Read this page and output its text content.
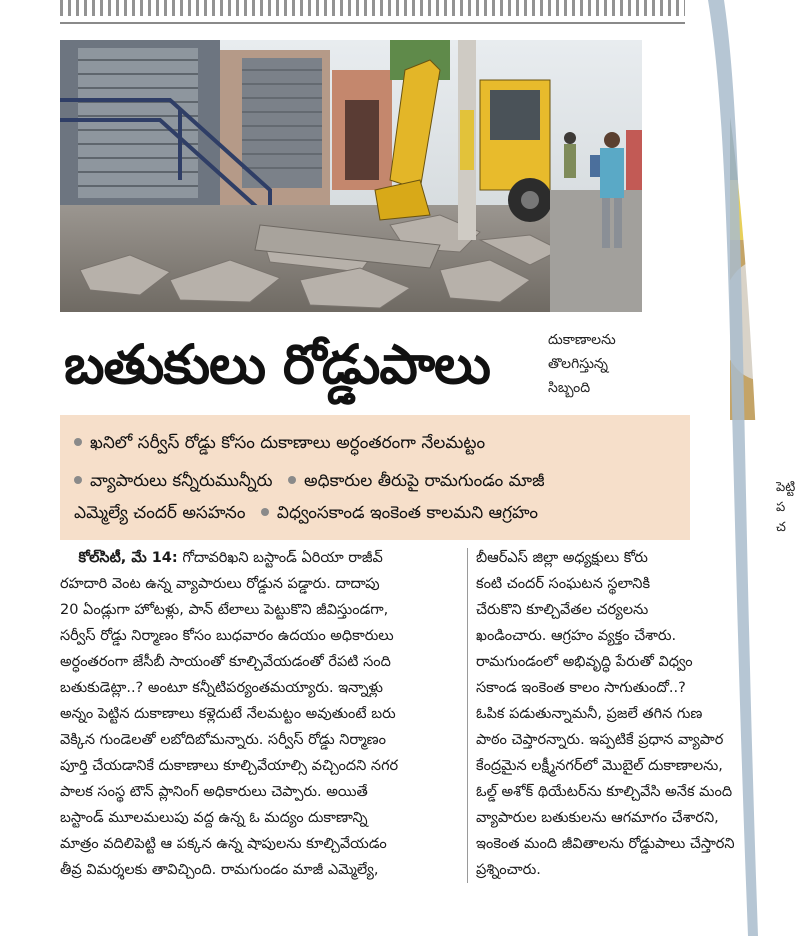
బతుకులు రోడ్డుపాలు	దుకాణాలను
తొలగిస్తున్న
సిబ్బంది
ఖనిలో సర్వీస్ రోడ్డు కోసం దుకాణాలు అర్ధంతరంగా నేలమట్టం
వ్యాపారులు కన్నీరుమున్నీరు అధికారుల తీరుపై రామగుండం మాజీ
ఎమ్మెల్యే చందర్ అసహనం విధ్వంసకాండ ఇంకెంత కాలమని ఆగ్రహం
కోల్‌సిటీ, మే 14: గోదావరిఖని బస్టాండ్ ఏరియా రాజీవ్
రహదారి వెంట ఉన్న వ్యాపారులు రోడ్డున పడ్డారు. దాదాపు
20 ఏండ్లుగా హోటళ్లు, పాన్ టేలాలు పెట్టుకొని జీవిస్తుండగా,
సర్వీస్ రోడ్డు నిర్మాణం కోసం బుధవారం ఉదయం అధికారులు
అర్ధంతరంగా జేసీబీ సాయంతో కూల్చివేయడంతో రేపటి సంది
బతుకుడెట్లా..? అంటూ కన్నీటిపర్యంతమయ్యారు. ఇన్నాళ్లు
అన్నం పెట్టిన దుకాణాలు కళ్లెదుటే నేలమట్టం అవుతుంటే బరు
వెక్కిన గుండెలతో లబోదిబోమన్నారు. సర్వీస్ రోడ్డు నిర్మాణం
పూర్తి చేయడానికే దుకాణాలు కూల్చివేయాల్సి వచ్చిందని నగర
పాలక సంస్థ టౌన్ ప్లానింగ్ అధికారులు చెప్పారు. అయితే
బస్టాండ్ మూలమలుపు వద్ద ఉన్న ఓ మద్యం దుకాణాన్ని
మాత్రం వదిలిపెట్టి ఆ పక్కన ఉన్న షాపులను కూల్చివేయడం
తీవ్ర విమర్శలకు తావిచ్చింది. రామగుండం మాజీ ఎమ్మెల్యే,
బీఆర్ఎస్ జిల్లా అధ్యక్షులు కోరు
కంటి చందర్ సంఘటన స్థలానికి
చేరుకొని కూల్చివేతల చర్యలను
ఖండించారు. ఆగ్రహం వ్యక్తం చేశారు.
రామగుండంలో అభివృద్ధి పేరుతో విధ్వం
సకాండ ఇంకెంత కాలం సాగుతుందో..?
ఓపిక పడుతున్నామనీ, ప్రజలే తగిన గుణ
పాఠం చెప్తారన్నారు. ఇప్పటికే ప్రధాన వ్యాపార
కేంద్రమైన లక్ష్మీనగర్‌లో మొబైల్ దుకాణాలను,
ఓల్డ్ అశోక్ థియేటర్‌ను కూల్చివేసి అనేక మంది
వ్యాపారుల బతుకులను ఆగమాగం చేశారని,
ఇంకెంత మంది జీవితాలను రోడ్డుపాలు చేస్తారని
ప్రశ్నించారు.
పెట్టి
ప
చ
